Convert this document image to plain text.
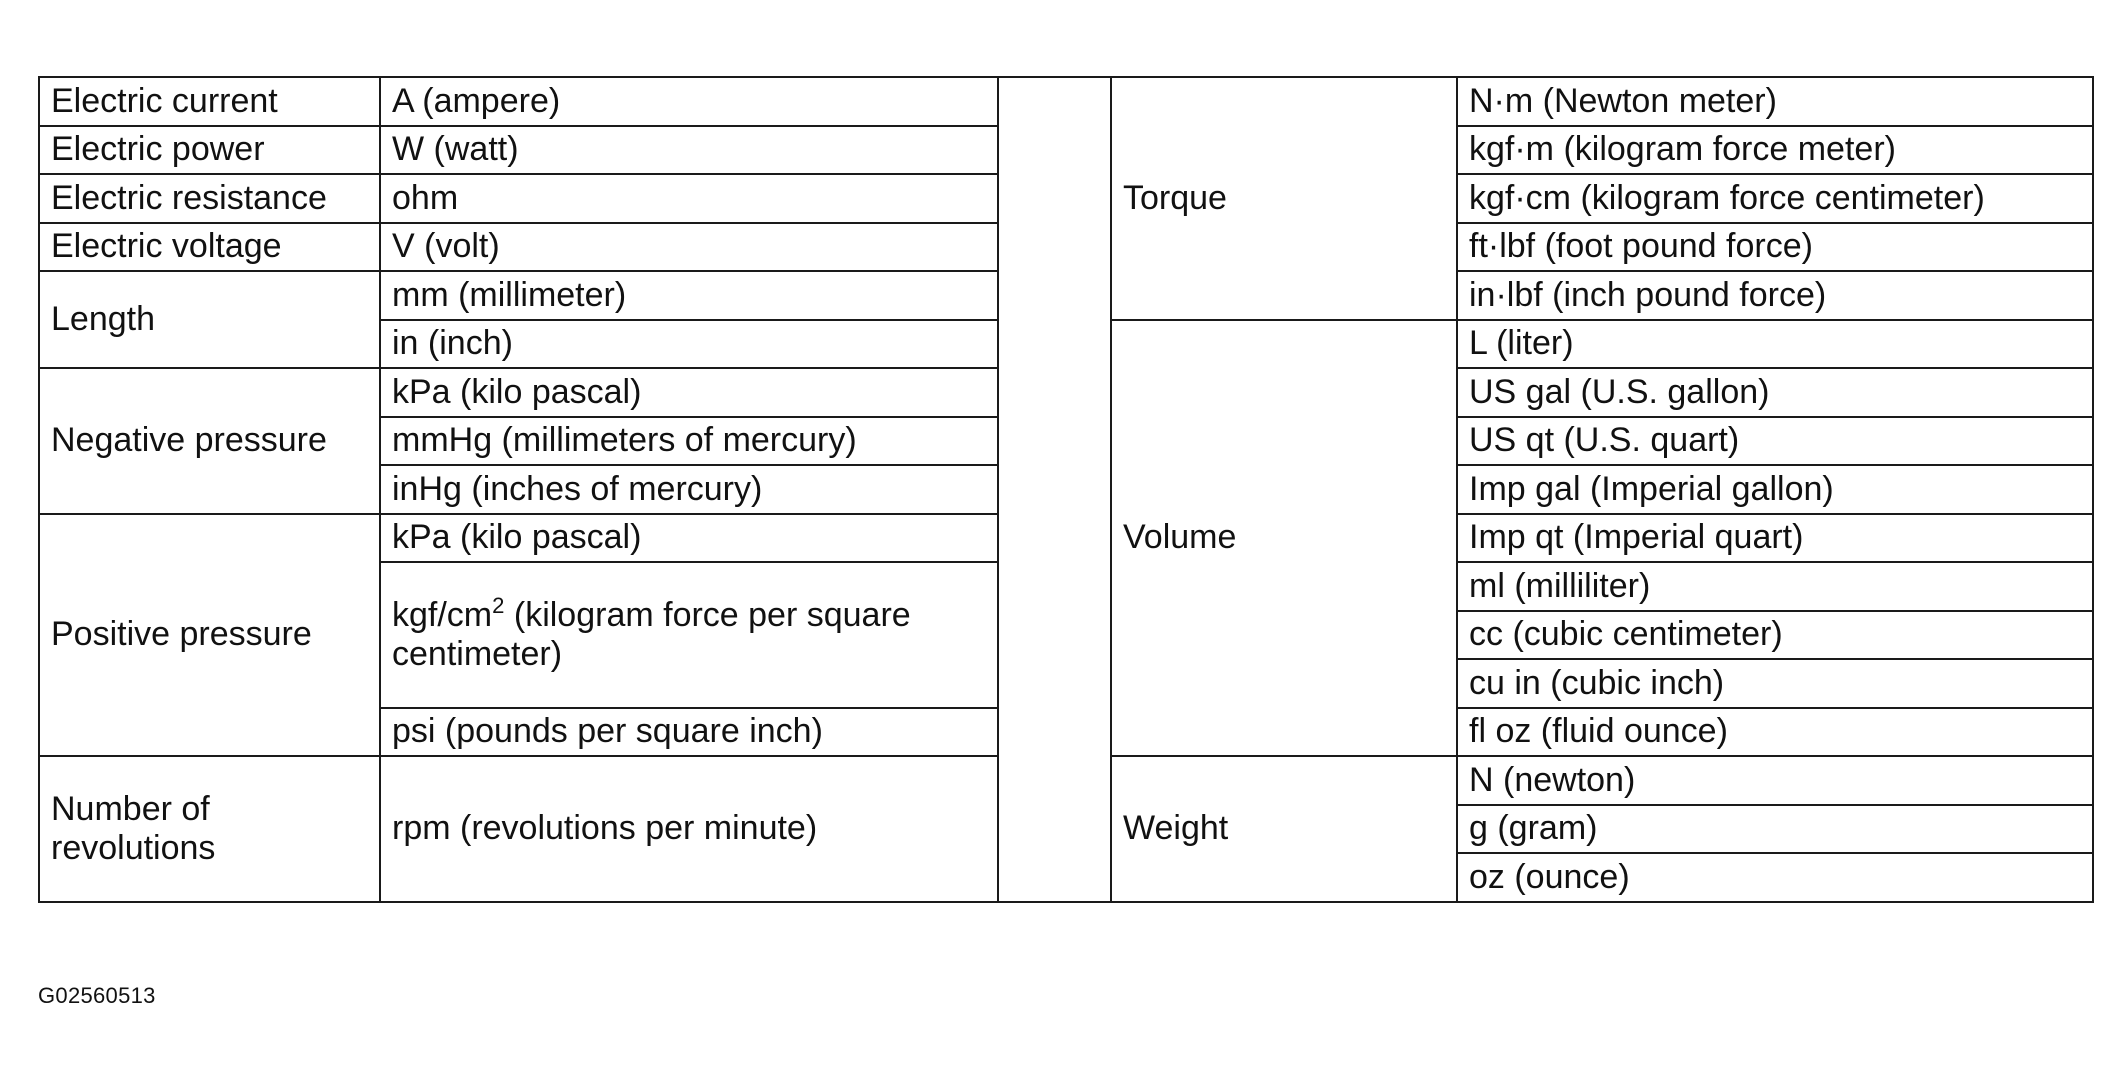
Electric current	A (ampere)		Torque	N·m (Newton meter)
Electric power	W (watt)			kgf·m (kilogram force meter)
Electric resistance	ohm			kgf·cm (kilogram force centimeter)
Electric voltage	V (volt)			ft·lbf (foot pound force)
Length	mm (millimeter)			in·lbf (inch pound force)
	in (inch)		Volume	L (liter)
Negative pressure	kPa (kilo pascal)			US gal (U.S. gallon)
	mmHg (millimeters of mercury)			US qt (U.S. quart)
	inHg (inches of mercury)			Imp gal (Imperial gallon)
Positive pressure	kPa (kilo pascal)			Imp qt (Imperial quart)
	kgf/$cm^2$ (kilogram force per square centimeter)			ml (milliliter)
				cc (cubic centimeter)
				cu in (cubic inch)
	psi (pounds per square inch)			fl oz (fluid ounce)
Number of revolutions	rpm (revolutions per minute)		Weight	N (newton)
				g (gram)
				oz (ounce)
G02560513
